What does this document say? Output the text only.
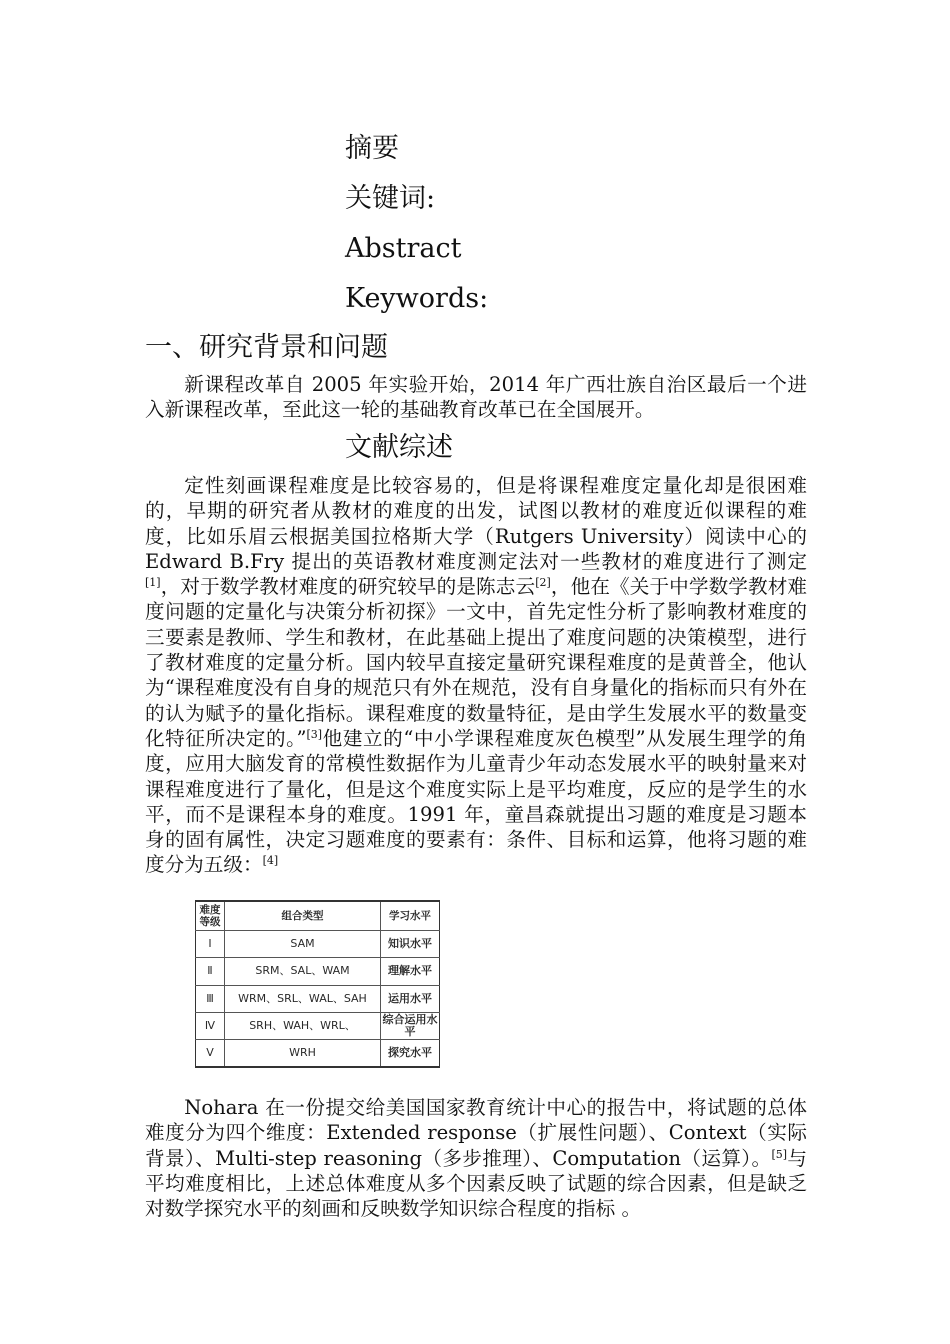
摘要
关键词:
Abstract
Keywords:
一、研究背景和问题

新课程改革自 2005 年实验开始，2014 年广西壮族自治区最后一个进入新课程改革，至此这一轮的基础教育改革已在全国展开。

文献综述

定性刻画课程难度是比较容易的，但是将课程难度定量化却是很困难的，早期的研究者从教材的难度的出发，试图以教材的难度近似课程的难度，比如乐眉云根据美国拉格斯大学（Rutgers University）阅读中心的 Edward B.Fry 提出的英语教材难度测定法对一些教材的难度进行了测定[1]，对于数学教材难度的研究较早的是陈志云[2]，他在《关于中学数学教材难度问题的定量化与决策分析初探》一文中，首先定性分析了影响教材难度的三要素是教师、学生和教材，在此基础上提出了难度问题的决策模型，进行了教材难度的定量分析。国内较早直接定量研究课程难度的是黄普全，他认为“课程难度没有自身的规范只有外在规范，没有自身量化的指标而只有外在的认为赋予的量化指标。课程难度的数量特征，是由学生发展水平的数量变化特征所决定的。”[3]他建立的“中小学课程难度灰色模型”从发展生理学的角度，应用大脑发育的常模性数据作为儿童青少年动态发展水平的映射量来对课程难度进行了量化，但是这个难度实际上是平均难度，反应的是学生的水平，而不是课程本身的难度。1991 年，童昌森就提出习题的难度是习题本身的固有属性，决定习题难度的要素有：条件、目标和运算，他将习题的难度分为五级：[4]

难度等级	组合类型	学习水平
Ⅰ	SAM	知识水平
Ⅱ	SRM、SAL、WAM	理解水平
Ⅲ	WRM、SRL、WAL、SAH	运用水平
Ⅳ	SRH、WAH、WRL、	综合运用水平
Ⅴ	WRH	探究水平

Nohara 在一份提交给美国国家教育统计中心的报告中，将试题的总体难度分为四个维度：Extended response（扩展性问题）、Context（实际背景）、Multi-step reasoning（多步推理）、Computation（运算）。[5]与平均难度相比，上述总体难度从多个因素反映了试题的综合因素，但是缺乏对数学探究水平的刻画和反映数学知识综合程度的指标 。
